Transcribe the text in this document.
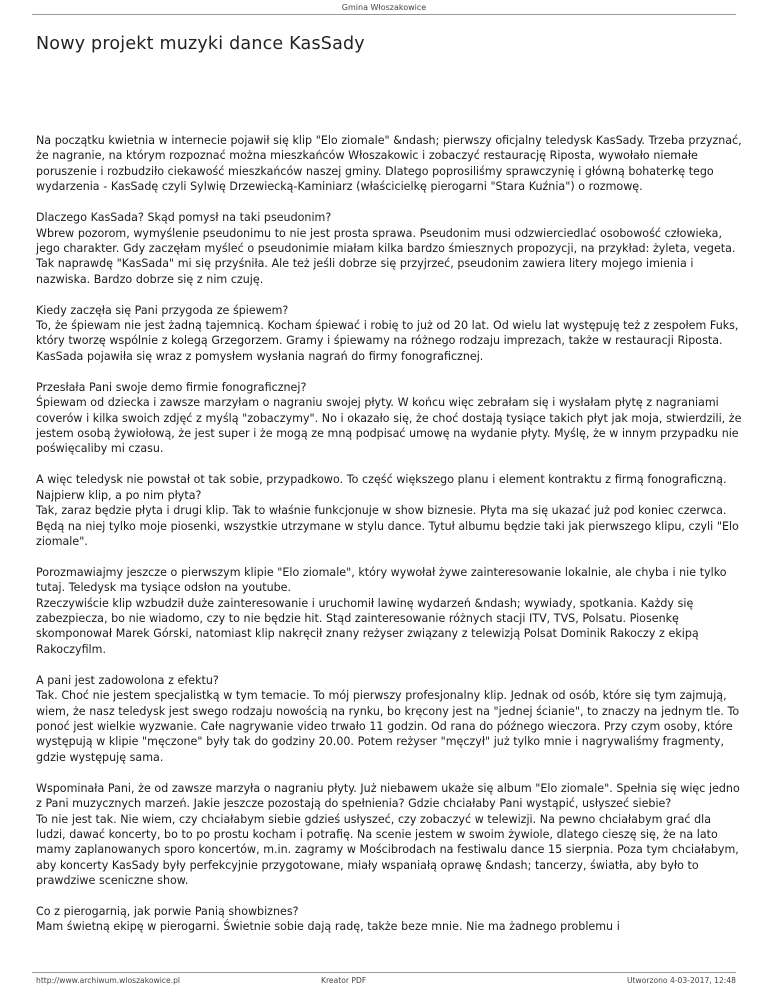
Gmina Włoszakowice
Nowy projekt muzyki dance KasSady

Na początku kwietnia w internecie pojawił się klip "Elo ziomale" &ndash; pierwszy oficjalny teledysk KasSady. Trzeba przyznać, że nagranie, na którym rozpoznać można mieszkańców Włoszakowic i zobaczyć restaurację Riposta, wywołało niemałe poruszenie i rozbudziło ciekawość mieszkańców naszej gminy. Dlatego poprosiliśmy sprawczynię i główną bohaterkę tego wydarzenia - KasSadę czyli Sylwię Drzewiecką-Kaminiarz (właścicielkę pierogarni "Stara Kuźnia") o rozmowę.

Dlaczego KasSada? Skąd pomysł na taki pseudonim?
Wbrew pozorom, wymyślenie pseudonimu to nie jest prosta sprawa. Pseudonim musi odzwierciedlać osobowość człowieka, jego charakter. Gdy zaczęłam myśleć o pseudonimie miałam kilka bardzo śmiesznych propozycji, na przykład: żyleta, vegeta. Tak naprawdę "KasSada" mi się przyśniła. Ale też jeśli dobrze się przyjrzeć, pseudonim zawiera litery mojego imienia i nazwiska. Bardzo dobrze się z nim czuję.

Kiedy zaczęła się Pani przygoda ze śpiewem?
To, że śpiewam nie jest żadną tajemnicą. Kocham śpiewać i robię to już od 20 lat. Od wielu lat występuję też z zespołem Fuks, który tworzę wspólnie z kolegą Grzegorzem. Gramy i śpiewamy na różnego rodzaju imprezach, także w restauracji Riposta. KasSada pojawiła się wraz z pomysłem wysłania nagrań do firmy fonograficznej.

Przesłała Pani swoje demo firmie fonograficznej?
Śpiewam od dziecka i zawsze marzyłam o nagraniu swojej płyty. W końcu więc zebrałam się i wysłałam płytę z nagraniami coverów i kilka swoich zdjęć z myślą "zobaczymy". No i okazało się, że choć dostają tysiące takich płyt jak moja, stwierdzili, że jestem osobą żywiołową, że jest super i że mogą ze mną podpisać umowę na wydanie płyty. Myślę, że w innym przypadku nie poświęcaliby mi czasu.

A więc teledysk nie powstał ot tak sobie, przypadkowo. To część większego planu i element kontraktu z firmą fonograficzną. Najpierw klip, a po nim płyta?
Tak, zaraz będzie płyta i drugi klip. Tak to właśnie funkcjonuje w show biznesie. Płyta ma się ukazać już pod koniec czerwca. Będą na niej tylko moje piosenki, wszystkie utrzymane w stylu dance. Tytuł albumu będzie taki jak pierwszego klipu, czyli "Elo ziomale".

Porozmawiajmy jeszcze o pierwszym klipie "Elo ziomale", który wywołał żywe zainteresowanie lokalnie, ale chyba i nie tylko tutaj. Teledysk ma tysiące odsłon na youtube.
Rzeczywiście klip wzbudził duże zainteresowanie i uruchomił lawinę wydarzeń &ndash; wywiady, spotkania. Każdy się zabezpiecza, bo nie wiadomo, czy to nie będzie hit. Stąd zainteresowanie różnych stacji ITV, TVS, Polsatu. Piosenkę skomponował Marek Górski, natomiast klip nakręcił znany reżyser związany z telewizją Polsat Dominik Rakoczy z ekipą Rakoczyfilm.

A pani jest zadowolona z efektu?
Tak. Choć nie jestem specjalistką w tym temacie. To mój pierwszy profesjonalny klip. Jednak od osób, które się tym zajmują, wiem, że nasz teledysk jest swego rodzaju nowością na rynku, bo kręcony jest na "jednej ścianie", to znaczy na jednym tle. To ponoć jest wielkie wyzwanie. Całe nagrywanie video trwało 11 godzin. Od rana do późnego wieczora. Przy czym osoby, które występują w klipie "męczone" były tak do godziny 20.00. Potem reżyser "męczył" już tylko mnie i nagrywaliśmy fragmenty, gdzie występuję sama.

Wspominała Pani, że od zawsze marzyła o nagraniu płyty. Już niebawem ukaże się album "Elo ziomale". Spełnia się więc jedno z Pani muzycznych marzeń. Jakie jeszcze pozostają do spełnienia? Gdzie chciałaby Pani wystąpić, usłyszeć siebie?
To nie jest tak. Nie wiem, czy chciałabym siebie gdzieś usłyszeć, czy zobaczyć w telewizji. Na pewno chciałabym grać dla ludzi, dawać koncerty, bo to po prostu kocham i potrafię. Na scenie jestem w swoim żywiole, dlatego cieszę się, że na lato mamy zaplanowanych sporo koncertów, m.in. zagramy w Mościbrodach na festiwalu dance 15 sierpnia. Poza tym chciałabym, aby koncerty KasSady były perfekcyjnie przygotowane, miały wspaniałą oprawę &ndash; tancerzy, światła, aby było to prawdziwe sceniczne show.

Co z pierogarnią, jak porwie Panią showbiznes?
Mam świetną ekipę w pierogarni. Świetnie sobie dają radę, także beze mnie. Nie ma żadnego problemu i

http://www.archiwum.wloszakowice.pl	Kreator PDF	Utworzono 4-03-2017, 12:48
